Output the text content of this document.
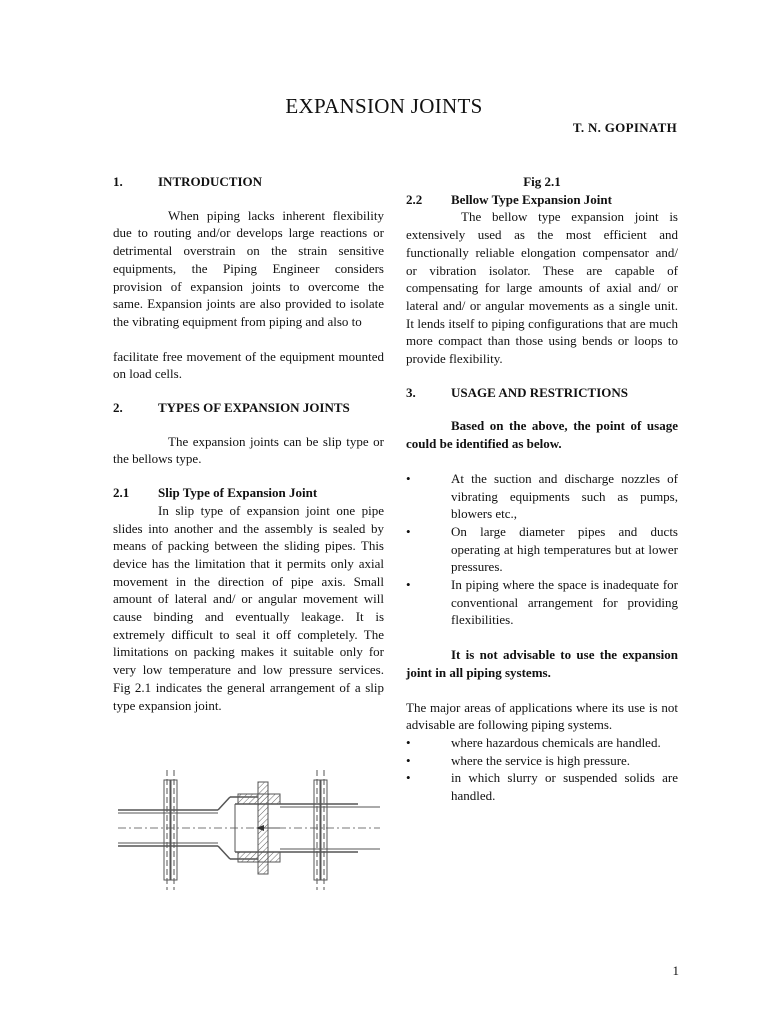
EXPANSION JOINTS
T. N. GOPINATH
1.	INTRODUCTION

When piping lacks inherent flexibility due to routing and/or develops large reactions or detrimental overstrain on the strain sensitive equipments, the Piping Engineer considers provision of expansion joints to overcome the same. Expansion joints are also provided to isolate the vibrating equipment from piping and also to

facilitate free movement of the equipment mounted on load cells.

2.	TYPES OF EXPANSION JOINTS

The expansion joints can be slip type or the bellows type.

2.1	Slip Type of Expansion Joint

In slip type of expansion joint one pipe slides into another and the assembly is sealed by means of packing between the sliding pipes. This device has the limitation that it permits only axial movement in the direction of pipe axis. Small amount of lateral and/ or angular movement will cause binding and eventually leakage. It is extremely difficult to seal it off completely. The limitations on packing makes it suitable only for very low temperature and low pressure services. Fig 2.1 indicates the general arrangement of a slip type expansion joint.

Fig 2.1
2.2	Bellow Type Expansion Joint

The bellow type expansion joint is extensively used as the most efficient and functionally reliable elongation compensator and/ or vibration isolator. These are capable of compensating for large amounts of axial and/ or lateral and/ or angular movements as a single unit. It lends itself to piping configurations that are much more compact than those using bends or loops to provide flexibility.

3.	USAGE AND RESTRICTIONS

Based on the above, the point of usage could be identified as below.

•	At the suction and discharge nozzles of vibrating equipments such as pumps, blowers etc.,
•	On large diameter pipes and ducts operating at high temperatures but at lower pressures.
•	In piping where the space is inadequate for conventional arrangement for providing flexibilities.

It is not advisable to use the expansion joint in all piping systems.

The major areas of applications where its use is not advisable are following piping systems.

•	where hazardous chemicals are handled.
•	where the service is high pressure.
•	in which slurry or suspended solids are handled.
1
